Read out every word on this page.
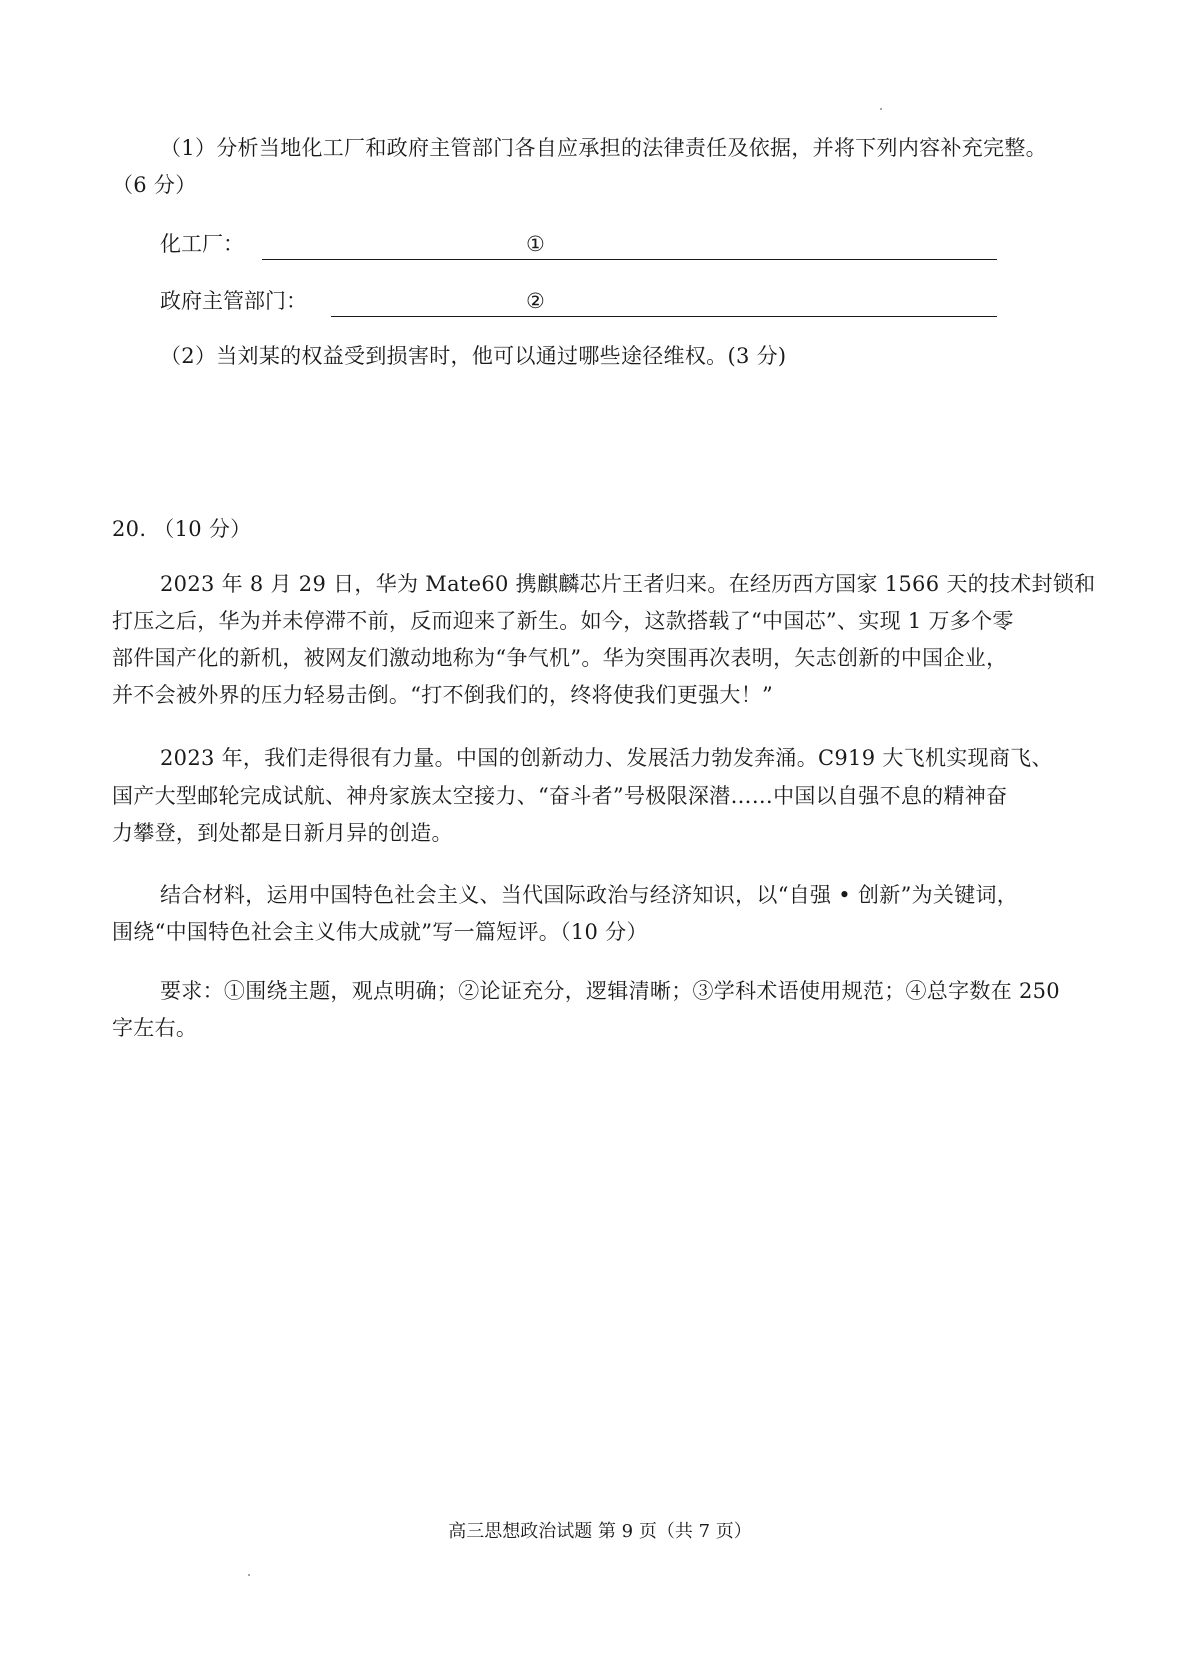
（1）分析当地化工厂和政府主管部门各自应承担的法律责任及依据，并将下列内容补充完整。
（6 分）
化工厂：	①
政府主管部门：	②
（2）当刘某的权益受到损害时，他可以通过哪些途径维权。(3 分)
20. （10 分）
2023 年 8 月 29 日，华为 Mate60 携麒麟芯片王者归来。在经历西方国家 1566 天的技术封锁和
打压之后，华为并未停滞不前，反而迎来了新生。如今，这款搭载了“中国芯”、实现 1 万多个零
部件国产化的新机，被网友们激动地称为“争气机”。华为突围再次表明，矢志创新的中国企业，
并不会被外界的压力轻易击倒。“打不倒我们的，终将使我们更强大！”
2023 年，我们走得很有力量。中国的创新动力、发展活力勃发奔涌。C919 大飞机实现商飞、
国产大型邮轮完成试航、神舟家族太空接力、“奋斗者”号极限深潜……中国以自强不息的精神奋
力攀登，到处都是日新月异的创造。
结合材料，运用中国特色社会主义、当代国际政治与经济知识，以“自强 • 创新”为关键词，
围绕“中国特色社会主义伟大成就”写一篇短评。（10 分）
要求：①围绕主题，观点明确；②论证充分，逻辑清晰；③学科术语使用规范；④总字数在 250
字左右。
高三思想政治试题 第 9 页（共 7 页）
